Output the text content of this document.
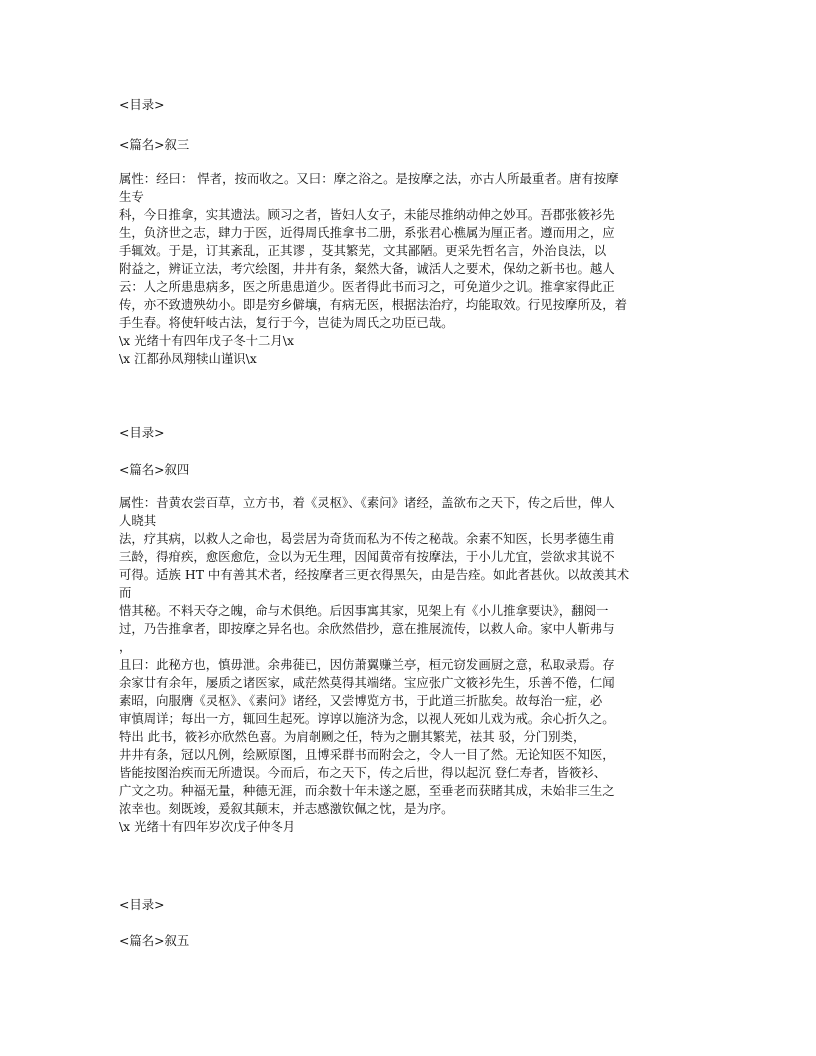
<目录>

<篇名>叙三

属性：经曰： 悍者，按而收之。又曰：摩之浴之。是按摩之法，亦古人所最重者。唐有按摩

生专

科，今日推拿，实其遗法。顾习之者，皆妇人女子，未能尽推纳动伸之妙耳。吾郡张筱衫先

生，负济世之志，肆力于医，近得周氏推拿书二册，系张君心樵属为厘正者。遵而用之，应

手辄效。于是，订其紊乱，正其谬 ，芟其繁芜，文其鄙陋。更采先哲名言，外治良法，以

附益之，辨证立法，考穴绘图，井井有条，粲然大备，诚活人之要术，保幼之新书也。越人

云：人之所患患病多，医之所患患道少。医者得此书而习之，可免道少之讥。推拿家得此正

传，亦不致遗殃幼小。即是穷乡僻壤，有病无医，根据法治疗，均能取效。行见按摩所及，着

手生春。将使轩岐古法，复行于今，岂徒为周氏之功臣已哉。

\x 光绪十有四年戊子冬十二月\x

\x 江都孙凤翔犊山谨识\x

<目录>

<篇名>叙四

属性：昔黄农尝百草，立方书，着《灵枢》、《素问》诸经，盖欲布之天下，传之后世，俾人

人晓其

法，疗其病，以救人之命也，曷尝居为奇货而私为不传之秘哉。余素不知医，长男孝德生甫

三龄，得疳疾，愈医愈危，佥以为无生理，因闻黄帝有按摩法，于小儿尤宜，尝欲求其说不

可得。适族 HT 中有善其术者，经按摩者三更衣得黑矢，由是告痊。如此者甚伙。以故羡其术

而

惜其秘。不料天夺之魄，命与术俱绝。后因事寓其家，见架上有《小儿推拿要诀》，翻阅一

过，乃告推拿者，即按摩之异名也。余欣然借抄，意在推展流传，以救人命。家中人靳弗与

，

且曰：此秘方也，慎毋泄。余弗蓰已，因仿萧翼赚兰亭，桓元窃发画厨之意，私取录焉。存

余家廿有余年，屡质之诸医家，咸茫然莫得其端绪。宝应张广文筱衫先生，乐善不倦，仁闻

素昭，向服膺《灵枢》、《素问》诸经，又尝博览方书，于此道三折肱矣。故每治一症，必

审慎周详；每出一方，辄回生起死。谆谆以施济为念，以视人死如儿戏为戒。余心折久之。

特出 此书，筱衫亦欣然色喜。为肩剞劂之任，特为之删其繁芜，祛其 驳，分门别类，

井井有条，冠以凡例，绘厥原图，且博采群书而附会之，令人一目了然。无论知医不知医，

皆能按图治疾而无所遗误。今而后，布之天下，传之后世，得以起沉 登仁寿者，皆筱衫、

广文之功。种福无量，种德无涯，而余数十年未遂之愿，至垂老而获睹其成，未始非三生之

浓幸也。刻既竣，爰叙其颠末，并志感激钦佩之忱，是为序。

\x 光绪十有四年岁次戊子仲冬月

<目录>

<篇名>叙五
